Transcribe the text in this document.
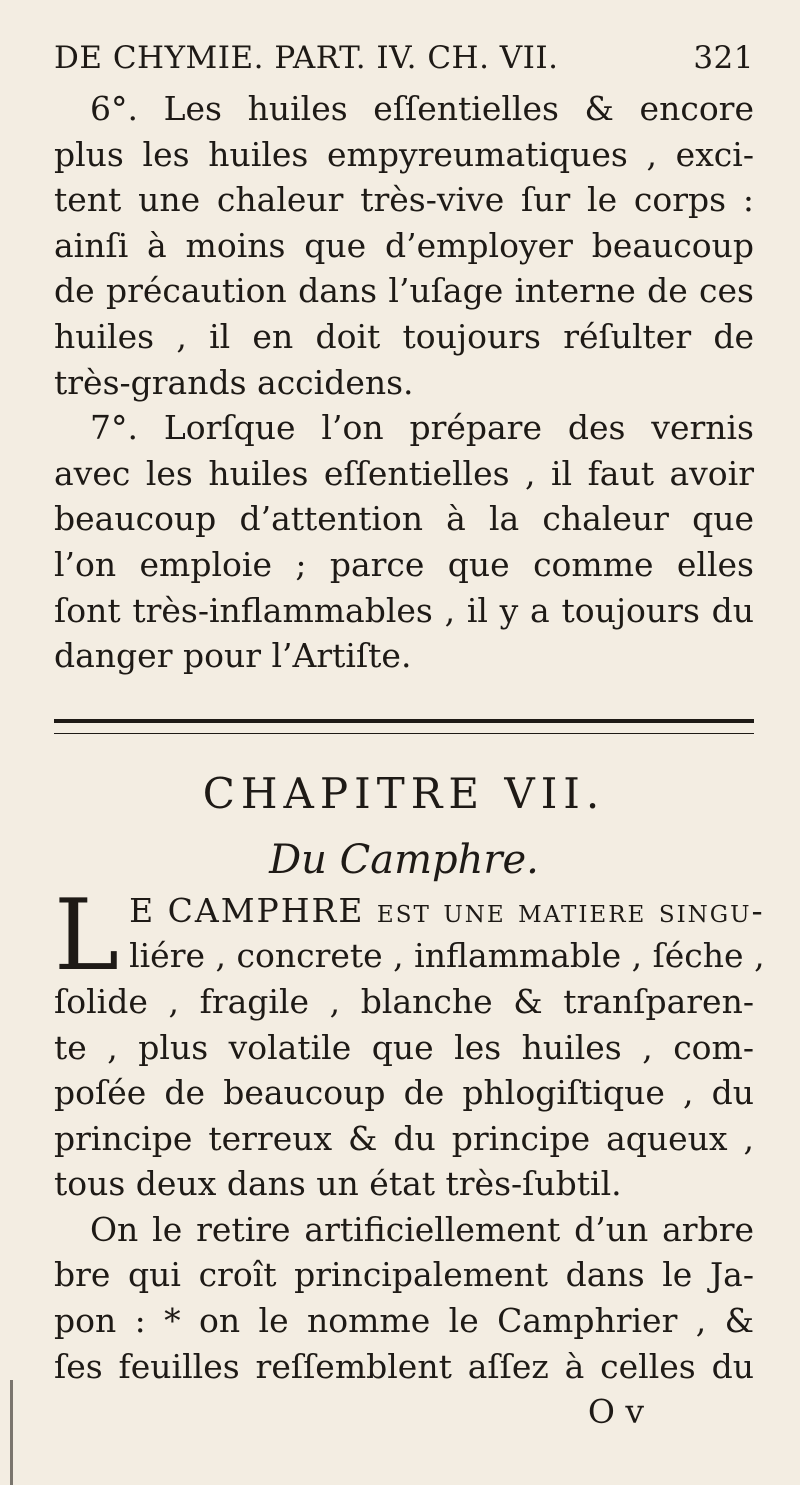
DE CHYMIE. PART. IV. CH. VII.	321

6°. Les huiles eſſentielles & encore
plus les huiles empyreumatiques , exci-
tent une chaleur très-vive ſur le corps :
ainſi à moins que d’employer beaucoup
de précaution dans l’uſage interne de ces
huiles , il en doit toujours réſulter de
très-grands accidens.

7°. Lorſque l’on prépare des vernis
avec les huiles eſſentielles , il faut avoir
beaucoup d’attention à la chaleur que
l’on emploie ; parce que comme elles
ſont très-inflammables , il y a toujours du
danger pour l’Artiſte.

CHAPITRE VII.
Du Camphre.

L E CAMPHRE eſt une matiere ſingu-
liére , concrete , inflammable , ſéche ,
ſolide , fragile , blanche & tranſparen-
te , plus volatile que les huiles , com-
poſée de beaucoup de phlogiſtique , du
principe terreux & du principe aqueux ,
tous deux dans un état très-ſubtil.

On le retire artificiellement d’un arbre
bre qui croît principalement dans le Ja-
pon : * on le nomme le Camphrier , &
ſes feuilles reſſemblent aſſez à celles du

O v
